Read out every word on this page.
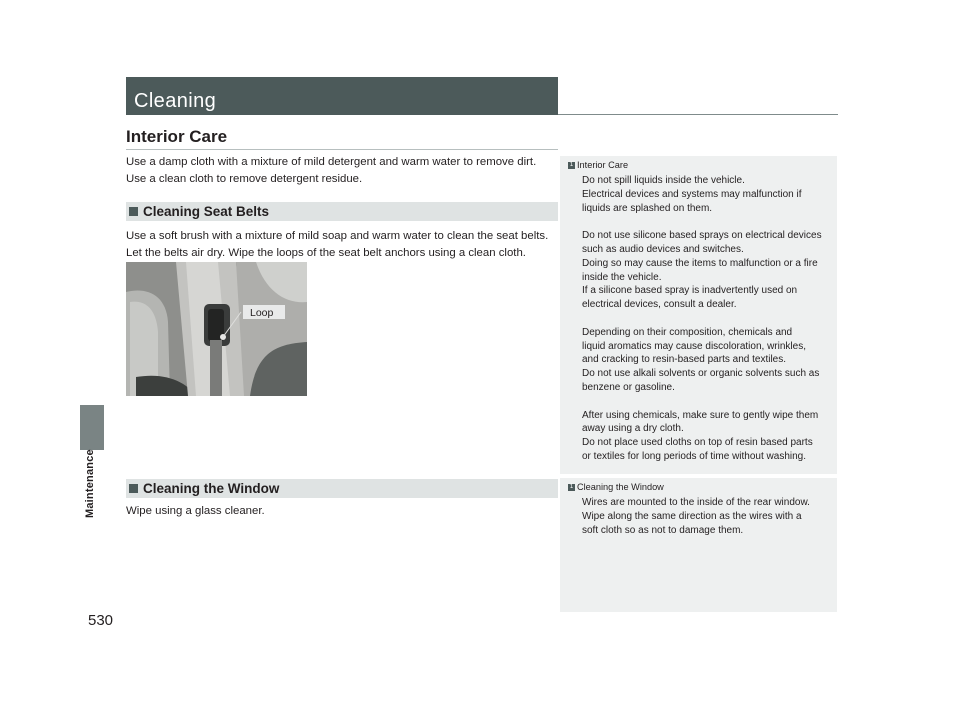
Maintenance
530
Cleaning
Interior Care
Use a damp cloth with a mixture of mild detergent and warm water to remove dirt.
Use a clean cloth to remove detergent residue.
Cleaning Seat Belts
Use a soft brush with a mixture of mild soap and warm water to clean the seat belts.
Let the belts air dry. Wipe the loops of the seat belt anchors using a clean cloth.
Loop
Cleaning the Window
Wipe using a glass cleaner.
1 Interior Care
Do not spill liquids inside the vehicle.
Electrical devices and systems may malfunction if
liquids are splashed on them.
Do not use silicone based sprays on electrical devices
such as audio devices and switches.
Doing so may cause the items to malfunction or a fire
inside the vehicle.
If a silicone based spray is inadvertently used on
electrical devices, consult a dealer.
Depending on their composition, chemicals and
liquid aromatics may cause discoloration, wrinkles,
and cracking to resin-based parts and textiles.
Do not use alkali solvents or organic solvents such as
benzene or gasoline.
After using chemicals, make sure to gently wipe them
away using a dry cloth.
Do not place used cloths on top of resin based parts
or textiles for long periods of time without washing.
1 Cleaning the Window
Wires are mounted to the inside of the rear window.
Wipe along the same direction as the wires with a
soft cloth so as not to damage them.
